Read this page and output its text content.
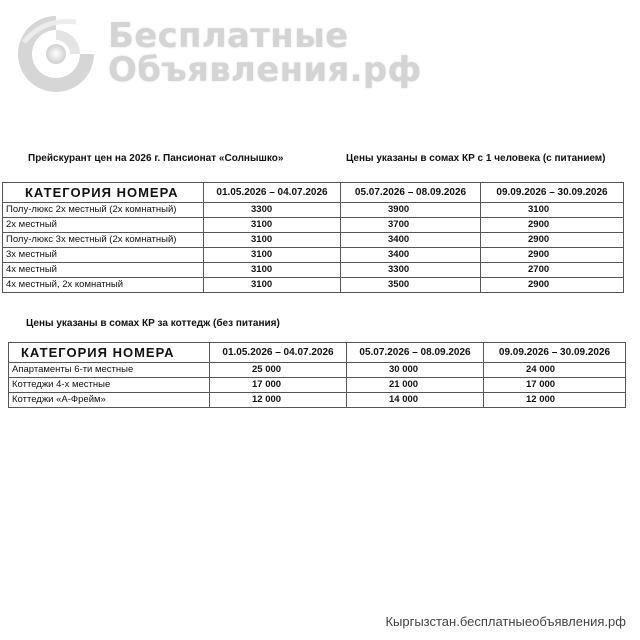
Бесплатные
Объявления.рф
Прейскурант цен на 2026 г. Пансионат «Солнышко»	Цены указаны в сомах КР с 1 человека (с питанием)
КАТЕГОРИЯ НОМЕРА	01.05.2026 – 04.07.2026	05.07.2026 – 08.09.2026	09.09.2026 – 30.09.2026
Полу-люкс 2х местный (2х комнатный)	3300	3900	3100
2х местный	3100	3700	2900
Полу-люкс 3х местный (2х комнатный)	3100	3400	2900
3х местный	3100	3400	2900
4х местный	3100	3300	2700
4х местный, 2х комнатный	3100	3500	2900
Цены указаны в сомах КР за коттедж (без питания)
КАТЕГОРИЯ НОМЕРА	01.05.2026 – 04.07.2026	05.07.2026 – 08.09.2026	09.09.2026 – 30.09.2026
Апартаменты 6-ти местные	25 000	30 000	24 000
Коттеджи 4-х местные	17 000	21 000	17 000
Коттеджи «А-Фрейм»	12 000	14 000	12 000
Кыргызстан.бесплатныеобъявления.рф
